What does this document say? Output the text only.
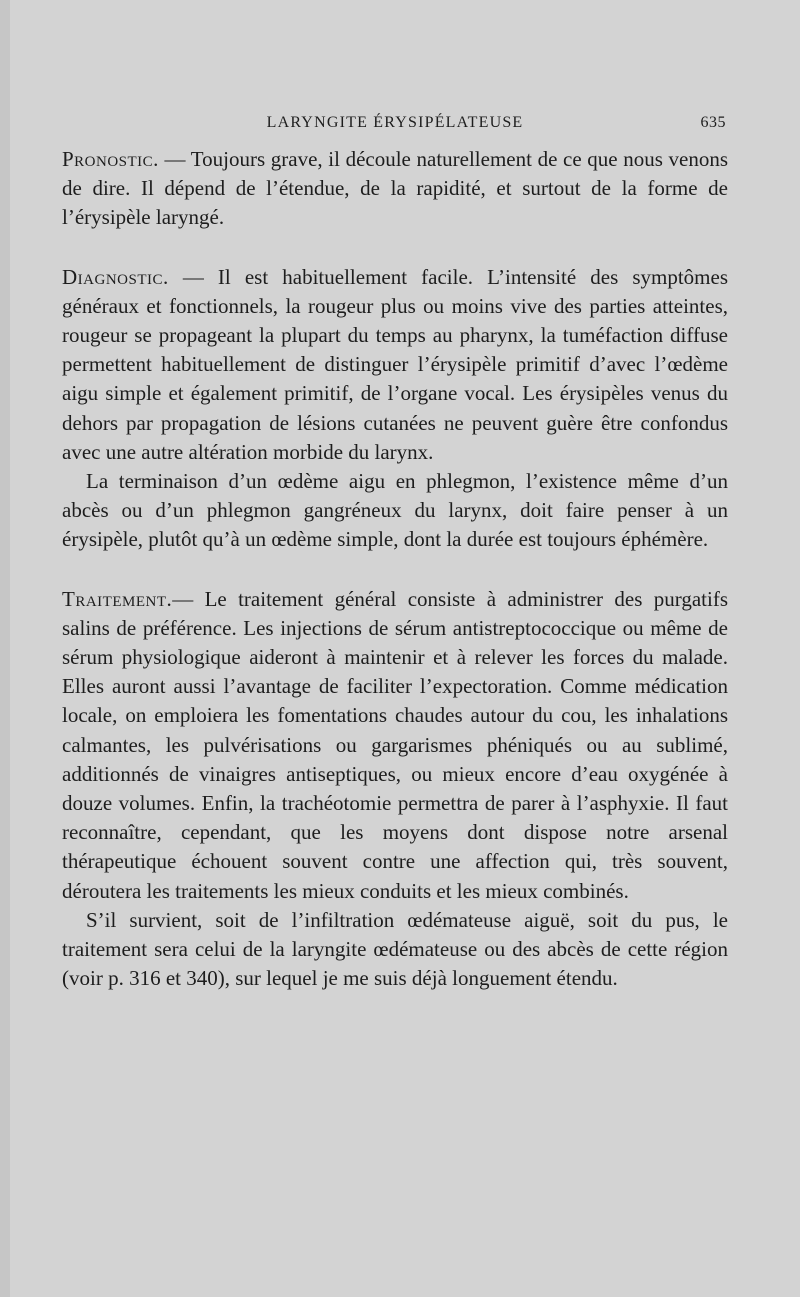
LARYNGITE ÉRYSIPÉLATEUSE	635

Pronostic. — Toujours grave, il découle naturellement de ce que nous venons de dire. Il dépend de l’étendue, de la rapidité, et surtout de la forme de l’érysipèle laryngé.

Diagnostic. — Il est habituellement facile. L’intensité des symptômes généraux et fonctionnels, la rougeur plus ou moins vive des parties atteintes, rougeur se propageant la plupart du temps au pharynx, la tuméfaction diffuse permettent habituellement de distinguer l’érysipèle primitif d’avec l’œdème aigu simple et également primitif, de l’organe vocal. Les érysipèles venus du dehors par propagation de lésions cutanées ne peuvent guère être confondus avec une autre altération morbide du larynx.

La terminaison d’un œdème aigu en phlegmon, l’existence même d’un abcès ou d’un phlegmon gangréneux du larynx, doit faire penser à un érysipèle, plutôt qu’à un œdème simple, dont la durée est toujours éphémère.

Traitement.— Le traitement général consiste à administrer des purgatifs salins de préférence. Les injections de sérum antistreptococcique ou même de sérum physiologique aideront à maintenir et à relever les forces du malade. Elles auront aussi l’avantage de faciliter l’expectoration. Comme médication locale, on emploiera les fomentations chaudes autour du cou, les inhalations calmantes, les pulvérisations ou gargarismes phéniqués ou au sublimé, additionnés de vinaigres antiseptiques, ou mieux encore d’eau oxygénée à douze volumes. Enfin, la trachéotomie permettra de parer à l’asphyxie. Il faut reconnaître, cependant, que les moyens dont dispose notre arsenal thérapeutique échouent souvent contre une affection qui, très souvent, déroutera les traitements les mieux conduits et les mieux combinés.

S’il survient, soit de l’infiltration œdémateuse aiguë, soit du pus, le traitement sera celui de la laryngite œdémateuse ou des abcès de cette région (voir p. 316 et 340), sur lequel je me suis déjà longuement étendu.
